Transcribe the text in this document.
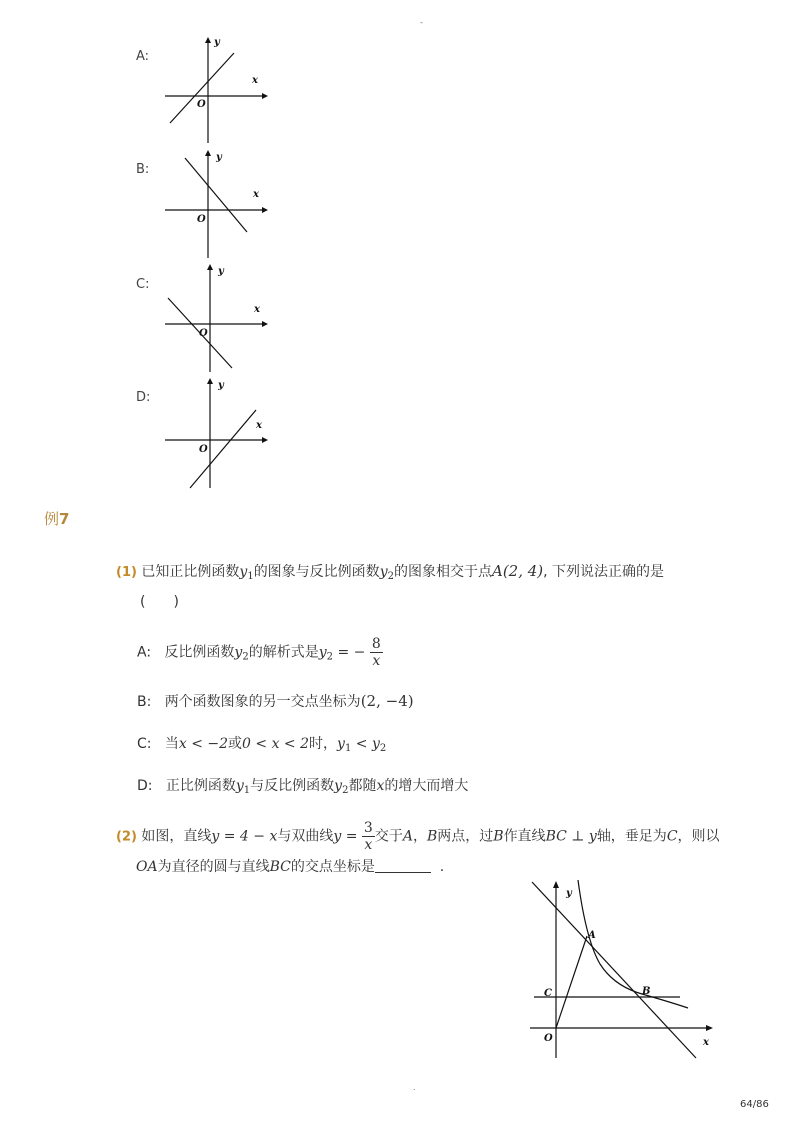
-
A:
y
x
O
B:
y
x
O
C:
y
x
O
D:
y
x
O
例7
(1) 已知正比例函数$y_1$的图象与反比例函数$y_2$的图象相交于点A(2, 4), 下列说法正确的是
(　　)
A: 反比例函数$y_2$的解析式是$y_2$ = − $\frac{8}{x}$
B: 两个函数图象的另一交点坐标为(2, −4)
C: 当x < −2或0 < x < 2时，$y_1 < y_2$
D: 正比例函数$y_1$与反比例函数$y_2$都随x的增大而增大
(2) 如图，直线y = 4 − x与双曲线$y = \frac{3}{x}$ 交于A，B两点，过B作直线BC ⊥ y轴，垂足为C，则以
OA为直径的圆与直线BC的交点坐标是	.
y
x
A
B
C
O
.
64/86
